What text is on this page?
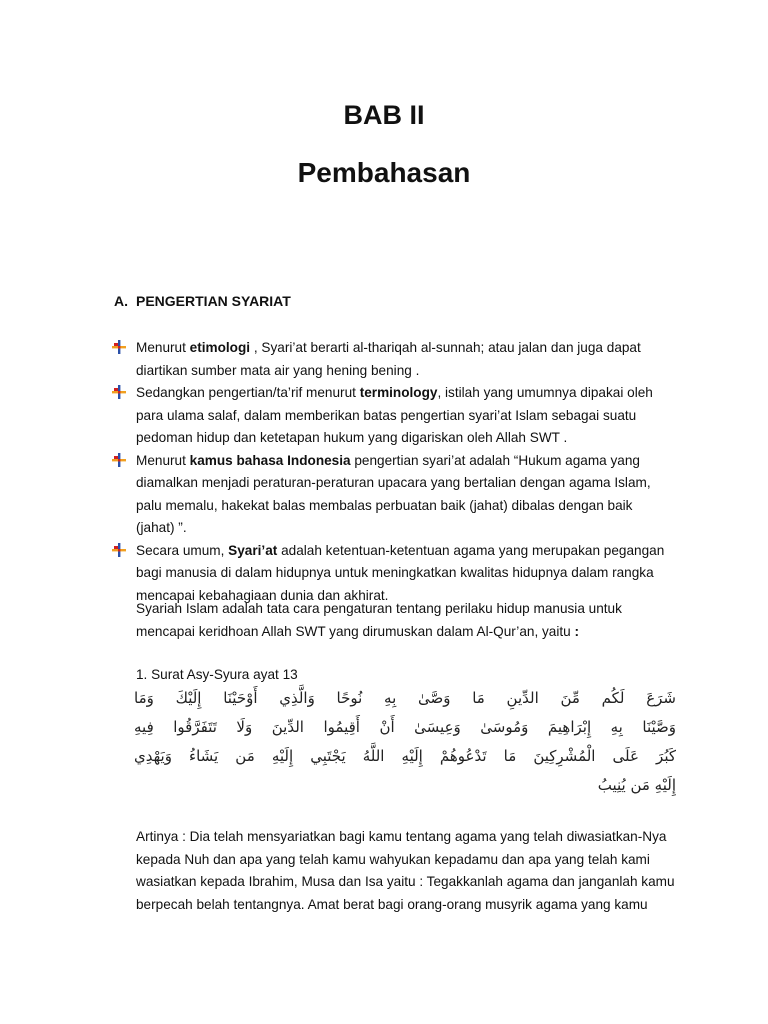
BAB II
Pembahasan
A. PENGERTIAN SYARIAT
Menurut etimologi , Syari’at berarti al-thariqah al-sunnah; atau jalan dan juga dapat diartikan sumber mata air yang hening bening .
Sedangkan pengertian/ta’rif menurut terminology, istilah yang umumnya dipakai oleh para ulama salaf, dalam memberikan batas pengertian syari’at Islam sebagai suatu pedoman hidup dan ketetapan hukum yang digariskan oleh Allah SWT .
Menurut kamus bahasa Indonesia pengertian syari’at adalah “Hukum agama yang diamalkan menjadi peraturan-peraturan upacara yang bertalian dengan agama Islam, palu memalu, hakekat balas membalas perbuatan baik (jahat) dibalas dengan baik (jahat) ”.
Secara umum, Syari’at adalah ketentuan-ketentuan agama yang merupakan pegangan bagi manusia di dalam hidupnya untuk meningkatkan kwalitas hidupnya dalam rangka mencapai kebahagiaan dunia dan akhirat.

Syariah Islam adalah tata cara pengaturan tentang perilaku hidup manusia untuk mencapai keridhoan Allah SWT yang dirumuskan dalam Al-Qur’an, yaitu :

1. Surat Asy-Syura ayat 13

شَرَعَ لَكُم مِّنَ الدِّينِ مَا وَصَّىٰ بِهِ نُوحًا وَالَّذِي أَوْحَيْنَا إِلَيْكَ وَمَا
وَصَّيْنَا بِهِ إِبْرَاهِيمَ وَمُوسَىٰ وَعِيسَىٰ أَنْ أَقِيمُوا الدِّينَ وَلَا تَتَفَرَّقُوا فِيهِ
كَبُرَ عَلَى الْمُشْرِكِينَ مَا تَدْعُوهُمْ إِلَيْهِ اللَّهُ يَجْتَبِي إِلَيْهِ مَن يَشَاءُ وَيَهْدِي
إِلَيْهِ مَن يُنِيبُ

Artinya : Dia telah mensyariatkan bagi kamu tentang agama yang telah diwasiatkan-Nya kepada Nuh dan apa yang telah kamu wahyukan kepadamu dan apa yang telah kami wasiatkan kepada Ibrahim, Musa dan Isa yaitu : Tegakkanlah agama dan janganlah kamu berpecah belah tentangnya. Amat berat bagi orang-orang musyrik agama yang kamu
